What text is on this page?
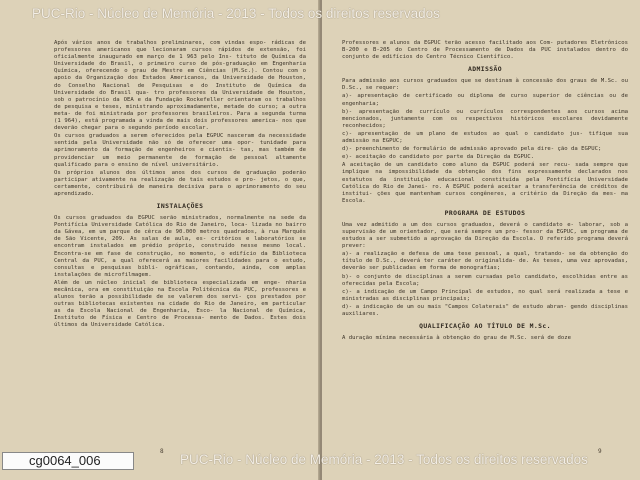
Após vários anos de trabalhos preliminares, com vindas espo- rádicas de professores americanos que lecionaram cursos rápidos de extensão, foi oficialmente inaugurado em março de 1 963 pelo Ins- tituto de Química da Universidade do Brasil, o primeiro curso de pós-graduação em Engenharia Química, oferecendo o grau de Mestre em Ciências (M.Sc.). Contou com o apoio da Organização dos Estados Americanos, da Universidade de Houston, do Conselho Nacional de Pesquisas e do Instituto de Química da Universidade do Brasil qua- tro professores da Universidade de Houston, sob o patrocínio da OEA e da Fundação Rockefeller orientaram os trabalhos de pesquisa e teses, ministrando aproximadamente, metade do curso; a outra meta- de foi ministrada por professores brasileiros. Para a segunda turma (1 964), está programada a vinda de mais dois professores america- nos que deverão chegar para o segundo período escolar.

Os cursos graduados a serem oferecidos pela EGPUC nasceram da necessidade sentida pela Universidade não só de oferecer uma opor- tunidade para aprimoramento da formação de engenheiros e cientis- tas, mas também de providenciar um meio permanente de formação de pessoal altamente qualificado para o ensino de nível universitário.

Os próprios alunos dos últimos anos dos cursos de graduação poderão participar ativamente na realização de tais estudos e pro- jetos, o que, certamente, contribuirá de maneira decisiva para o aprimoramento do seu aprendizado.

INSTALAÇÕES

Os cursos graduados da EGPUC serão ministrados, normalmente na sede da Pontifícia Universidade Católica do Rio de Janeiro, loca- lizada no bairro da Gávea, em um parque de cêrca de 90.000 metros quadrados, à rua Marquês de São Vicente, 209. As salas de aula, es- critórios e laboratórios se encontram instalados em prédio próprio, construído nesse mesmo local. Encontra-se em fase de construção, no momento, o edifício da Biblioteca Central da PUC, a qual oferecerá as maiores facilidades para o estudo, consultas e pesquisas bibli- ográficas, contando, ainda, com amplas instalações de microfilmagem.

Além de um núcleo inicial de biblioteca especializada em enge- nharia mecânica, ora em constituição na Escola Politécnica da PUC, professores e alunos terão a possibilidade de se valerem dos servi- ços prestados por outras bibliotecas existentes na cidade do Rio de Janeiro, em particular as da Escola Nacional de Engenharia, Esco- la Nacional de Química, Instituto de Física e Centro de Processa- mento de Dados. Estes dois últimos da Universidade Católica.

Professores e alunos da EGPUC terão acesso facilitado aos Com- putadores Eletrônicos B-200 e B-205 do Centro de Processamento de Dados da PUC instalados dentro do conjunto de edifícios do Centro Técnico Científico.

ADMISSÃO

Para admissão aos cursos graduados que se destinam à concessão dos graus de M.Sc. ou D.Sc., se requer:

a)- apresentação de certificado ou diploma de curso superior de ciências ou de engenharia;

b)- apresentação de currículo ou currículos correspondentes aos cursos acima mencionados, juntamente com os respectivos históricos escolares devidamente reconhecidos;

c)- apresentação de um plano de estudos ao qual o candidato jus- tifique sua admissão na EGPUC;

d)- preenchimento de formulário de admissão aprovado pela dire- ção da EGPUC;

e)- aceitação do candidato por parte da Direção da EGPUC.

A aceitação de um candidato como aluno da EGPUC poderá ser recu- sada sempre que implique na impossibilidade da obtenção dos fins expressamente declarados nos estatutos da instituição educacional constituída pela Pontifícia Universidade Católica do Rio de Janei- ro. A EGPUC poderá aceitar a transferência de créditos de institui- ções que mantenham cursos congêneres, a critério da Direção da mes- ma Escola.

PROGRAMA DE ESTUDOS

Uma vez admitido a um dos cursos graduados, deverá o candidato e- laborar, sob a supervisão de um orientador, que será sempre um pro- fessor da EGPUC, um programa de estudos a ser submetido a aprovação da Direção da Escola. O referido programa deverá prever:

a)- a realização e defesa de uma tese pessoal, a qual, tratando- se da obtenção do título de D.Sc., deverá ter caráter de originalida- de. As teses, uma vez aprovadas, deverão ser publicadas em forma de monografias;

b)- o conjunto de disciplinas a serem cursadas pelo candidato, escolhidas entre as oferecidas pela Escola;

c)- a indicação de um Campo Principal de estudos, no qual será realizada a tese e ministradas as disciplinas principais;

d)- a indicação de um ou mais "Campos Colaterais" de estudo abran- gendo disciplinas auxiliares.

QUALIFICAÇÃO AO TÍTULO DE M.Sc.

A duração mínima necessária à obtenção do grau de M.Sc. será de doze

PUC-Rio - Núcleo de Memória - 2013 - Todos os direitos reservados
PUC-Rio - Núcleo de Memória - 2013 - Todos os direitos reservados
8	9
cg0064_006
